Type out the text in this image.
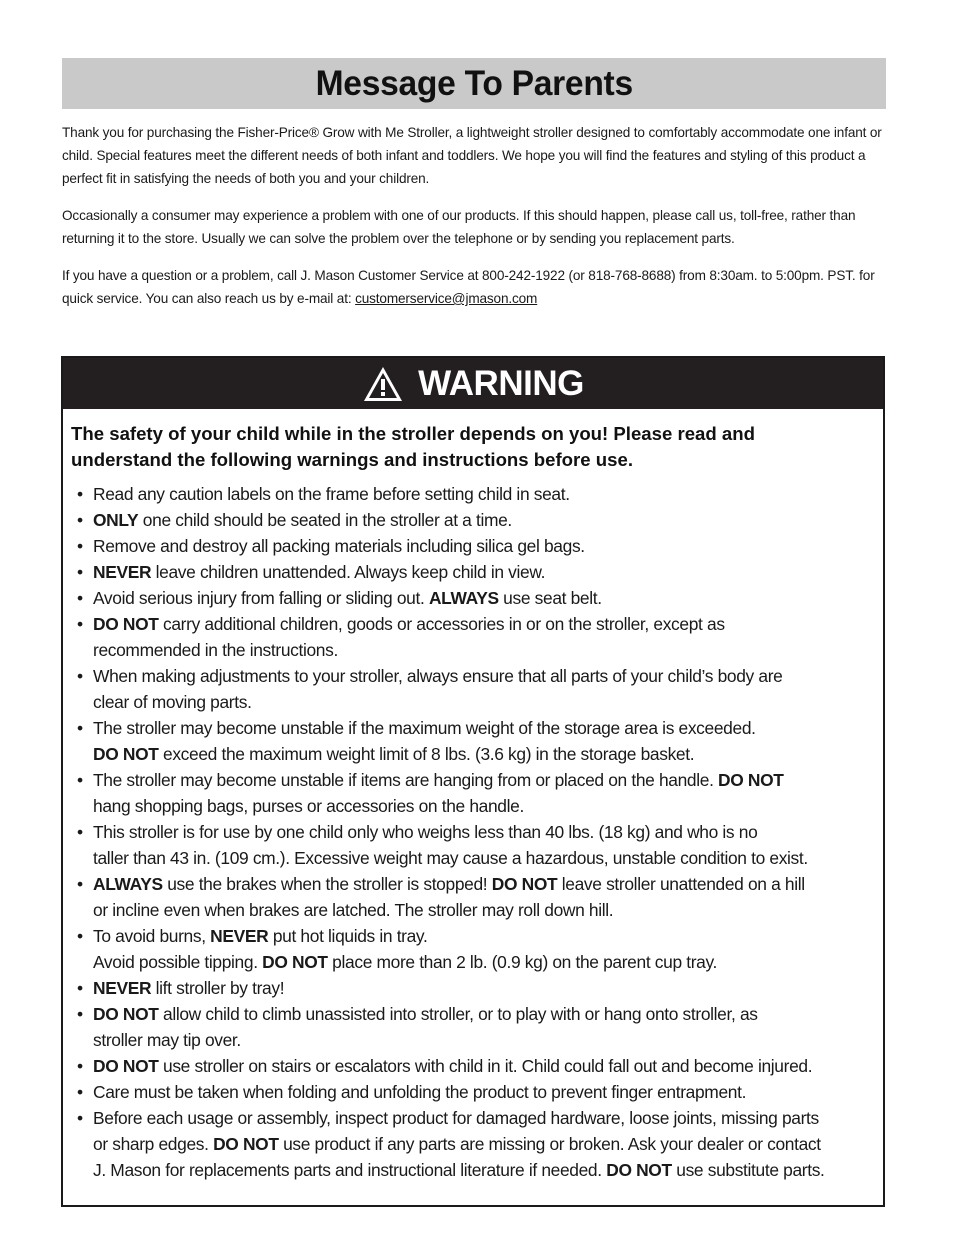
Message To Parents

Thank you for purchasing the Fisher-Price® Grow with Me Stroller, a lightweight stroller designed to comfortably accommodate one infant or child. Special features meet the different needs of both infant and toddlers. We hope you will find the features and styling of this product a perfect fit in satisfying the needs of both you and your children.

Occasionally a consumer may experience a problem with one of our products. If this should happen, please call us, toll-free, rather than returning it to the store. Usually we can solve the problem over the telephone or by sending you replacement parts.

If you have a question or a problem, call J. Mason Customer Service at 800-242-1922 (or 818-768-8688) from 8:30am. to 5:00pm. PST. for quick service. You can also reach us by e-mail at: customerservice@jmason.com

WARNING
The safety of your child while in the stroller depends on you! Please read and understand the following warnings and instructions before use.
• Read any caution labels on the frame before setting child in seat.
• ONLY one child should be seated in the stroller at a time.
• Remove and destroy all packing materials including silica gel bags.
• NEVER leave children unattended. Always keep child in view.
• Avoid serious injury from falling or sliding out. ALWAYS use seat belt.
• DO NOT carry additional children, goods or accessories in or on the stroller, except as
recommended in the instructions.
• When making adjustments to your stroller, always ensure that all parts of your child’s body are
clear of moving parts.
• The stroller may become unstable if the maximum weight of the storage area is exceeded.
DO NOT exceed the maximum weight limit of 8 lbs. (3.6 kg) in the storage basket.
• The stroller may become unstable if items are hanging from or placed on the handle. DO NOT
hang shopping bags, purses or accessories on the handle.
• This stroller is for use by one child only who weighs less than 40 lbs. (18 kg) and who is no
taller than 43 in. (109 cm.). Excessive weight may cause a hazardous, unstable condition to exist.
• ALWAYS use the brakes when the stroller is stopped! DO NOT leave stroller unattended on a hill
or incline even when brakes are latched. The stroller may roll down hill.
• To avoid burns, NEVER put hot liquids in tray.
Avoid possible tipping. DO NOT place more than 2 lb. (0.9 kg) on the parent cup tray.
• NEVER lift stroller by tray!
• DO NOT allow child to climb unassisted into stroller, or to play with or hang onto stroller, as
stroller may tip over.
• DO NOT use stroller on stairs or escalators with child in it. Child could fall out and become injured.
• Care must be taken when folding and unfolding the product to prevent finger entrapment.
• Before each usage or assembly, inspect product for damaged hardware, loose joints, missing parts
or sharp edges. DO NOT use product if any parts are missing or broken. Ask your dealer or contact
J. Mason for replacements parts and instructional literature if needed. DO NOT use substitute parts.
